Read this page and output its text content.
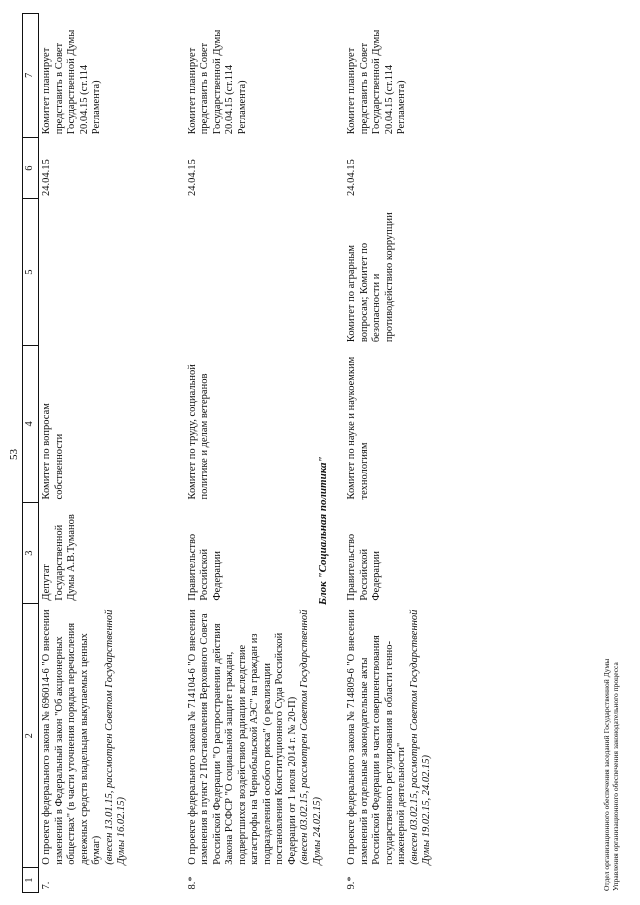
53
1	2	3	4	5	6	7
7.	О проекте федерального закона № 696014-6 "О внесении изменений в Федеральный закон "Об акционерных обществах" (в части уточнения порядка перечисления денежных средств владельцам выкупаемых ценных бумаг) (внесен 13.01.15, рассмотрен Советом Государственной Думы 16.02.15)	Депутат Государственной Думы А.В.Туманов	Комитет по вопросам собственности		24.04.15	Комитет планирует представить в Совет Государственной Думы 20.04.15 (ст.114 Регламента)

8.*	О проекте федерального закона № 714104-6 "О внесении изменения в пункт 2 Постановления Верховного Совета Российской Федерации "О распространении действия Закона РСФСР "О социальной защите граждан, подвергшихся воздействию радиации вследствие катастрофы на Чернобыльской АЭС" на граждан из подразделений особого риска" (о реализации постановления Конституционного Суда Российской Федерации от 1 июля 2014 г. № 20-П) (внесен 03.02.15, рассмотрен Советом Государственной Думы 24.02.15)	Правительство Российской Федерации	Комитет по труду, социальной политике и делам ветеранов		24.04.15	Комитет планирует представить в Совет Государственной Думы 20.04.15 (ст.114 Регламента)

9.*	О проекте федерального закона № 714809-6 "О внесении изменений в отдельные законодательные акты Российской Федерации в части совершенствования государственного регулирования в области генно-инженерной деятельности" (внесен 03.02.15, рассмотрен Советом Государственной Думы 19.02.15, 24.02.15)	Правительство Российской Федерации	Комитет по науке и наукоемким технологиям	Комитет по аграрным вопросам; Комитет по безопасности и противодействию коррупции	24.04.15	Комитет планирует представить в Совет Государственной Думы 20.04.15 (ст.114 Регламента)
Блок "Социальная политика"
Отдел организационного обеспечения заседаний Государственной Думы Управления организационного обеспечения законодательного процесса
